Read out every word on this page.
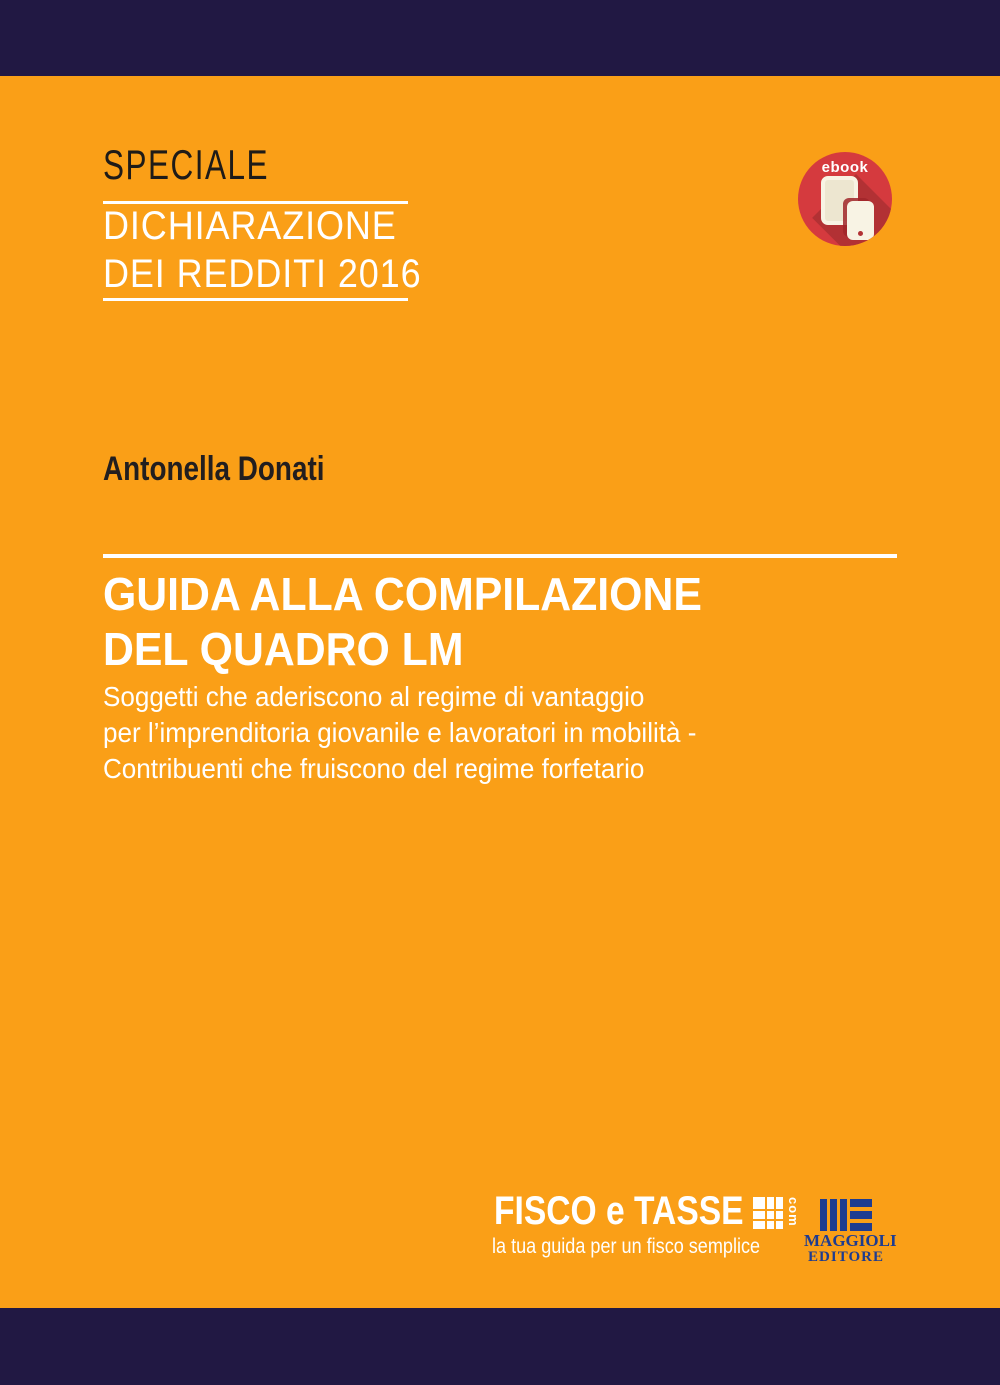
SPECIALE
DICHIARAZIONE
DEI REDDITI 2016
ebook
Antonella Donati
GUIDA ALLA COMPILAZIONE
DEL QUADRO LM
Soggetti che aderiscono al regime di vantaggio
per l’imprenditoria giovanile e lavoratori in mobilità -
Contribuenti che fruiscono del regime forfetario
FISCO e TASSE	com
la tua guida per un fisco semplice	MAGGIOLI
EDITORE
